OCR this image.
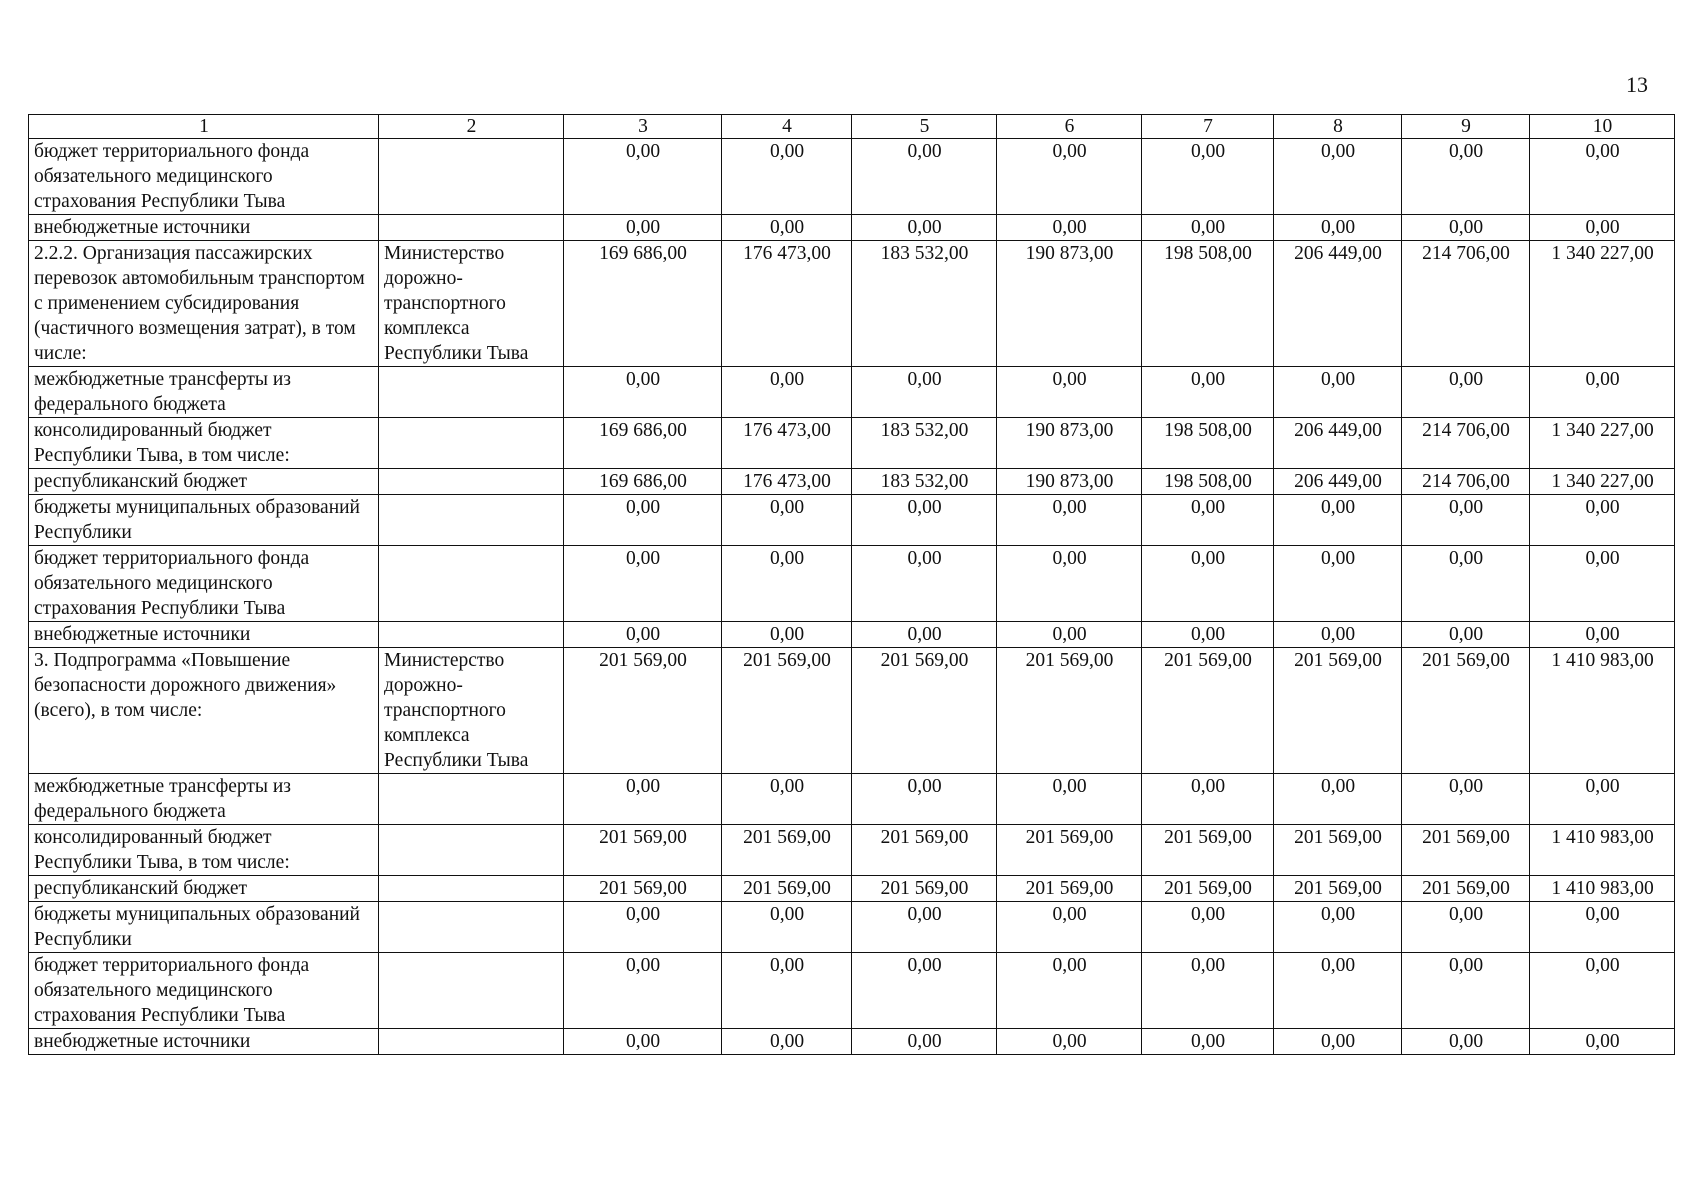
13
1	2	3	4	5	6	7	8	9	10
бюджет территориального фонда обязательного медицинского страхования Республики Тыва		0,00	0,00	0,00	0,00	0,00	0,00	0,00	0,00
внебюджетные источники		0,00	0,00	0,00	0,00	0,00	0,00	0,00	0,00
2.2.2. Организация пассажирских перевозок автомобильным транспортом с применением субсидирования (частичного возмещения затрат), в том числе:	Министерство дорожно-транспортного комплекса Республики Тыва	169 686,00	176 473,00	183 532,00	190 873,00	198 508,00	206 449,00	214 706,00	1 340 227,00
межбюджетные трансферты из федерального бюджета		0,00	0,00	0,00	0,00	0,00	0,00	0,00	0,00
консолидированный бюджет Республики Тыва, в том числе:		169 686,00	176 473,00	183 532,00	190 873,00	198 508,00	206 449,00	214 706,00	1 340 227,00
республиканский бюджет		169 686,00	176 473,00	183 532,00	190 873,00	198 508,00	206 449,00	214 706,00	1 340 227,00
бюджеты муниципальных образований Республики		0,00	0,00	0,00	0,00	0,00	0,00	0,00	0,00
бюджет территориального фонда обязательного медицинского страхования Республики Тыва		0,00	0,00	0,00	0,00	0,00	0,00	0,00	0,00
внебюджетные источники		0,00	0,00	0,00	0,00	0,00	0,00	0,00	0,00
3. Подпрограмма «Повышение безопасности дорожного движения» (всего), в том числе:	Министерство дорожно-транспортного комплекса Республики Тыва	201 569,00	201 569,00	201 569,00	201 569,00	201 569,00	201 569,00	201 569,00	1 410 983,00
межбюджетные трансферты из федерального бюджета		0,00	0,00	0,00	0,00	0,00	0,00	0,00	0,00
консолидированный бюджет Республики Тыва, в том числе:		201 569,00	201 569,00	201 569,00	201 569,00	201 569,00	201 569,00	201 569,00	1 410 983,00
республиканский бюджет		201 569,00	201 569,00	201 569,00	201 569,00	201 569,00	201 569,00	201 569,00	1 410 983,00
бюджеты муниципальных образований Республики		0,00	0,00	0,00	0,00	0,00	0,00	0,00	0,00
бюджет территориального фонда обязательного медицинского страхования Республики Тыва		0,00	0,00	0,00	0,00	0,00	0,00	0,00	0,00
внебюджетные источники		0,00	0,00	0,00	0,00	0,00	0,00	0,00	0,00
